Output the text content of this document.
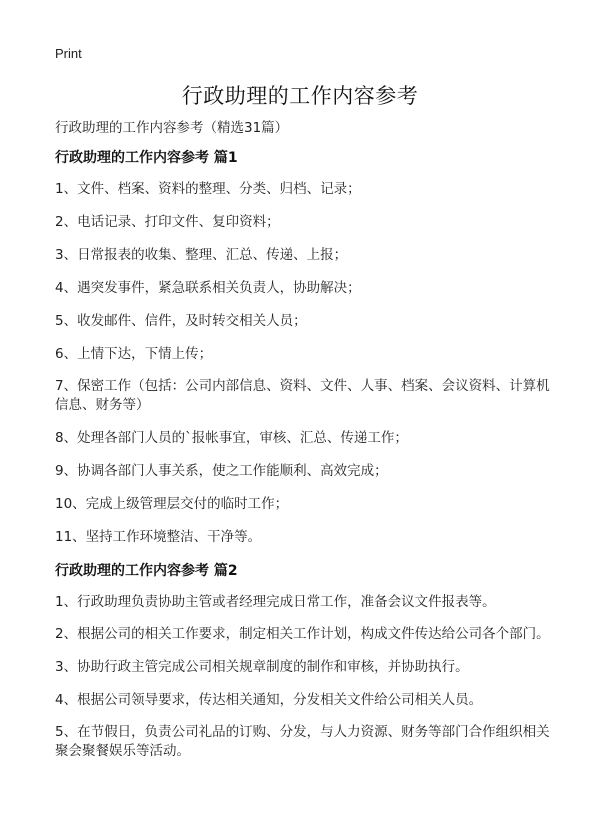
Print
行政助理的工作内容参考

行政助理的工作内容参考（精选31篇）

行政助理的工作内容参考 篇1

1、文件、档案、资料的整理、分类、归档、记录；

2、电话记录、打印文件、复印资料；

3、日常报表的收集、整理、汇总、传递、上报；

4、遇突发事件，紧急联系相关负责人，协助解决；

5、收发邮件、信件，及时转交相关人员；

6、上情下达，下情上传；

7、保密工作（包括：公司内部信息、资料、文件、人事、档案、会议资料、计算机信息、财务等）

8、处理各部门人员的`报帐事宜，审核、汇总、传递工作；

9、协调各部门人事关系，使之工作能顺利、高效完成；

10、完成上级管理层交付的临时工作；

11、坚持工作环境整洁、干净等。

行政助理的工作内容参考 篇2

1、行政助理负责协助主管或者经理完成日常工作，准备会议文件报表等。

2、根据公司的相关工作要求，制定相关工作计划，构成文件传达给公司各个部门。

3、协助行政主管完成公司相关规章制度的制作和审核，并协助执行。

4、根据公司领导要求，传达相关通知，分发相关文件给公司相关人员。

5、在节假日，负责公司礼品的订购、分发，与人力资源、财务等部门合作组织相关聚会聚餐娱乐等活动。
